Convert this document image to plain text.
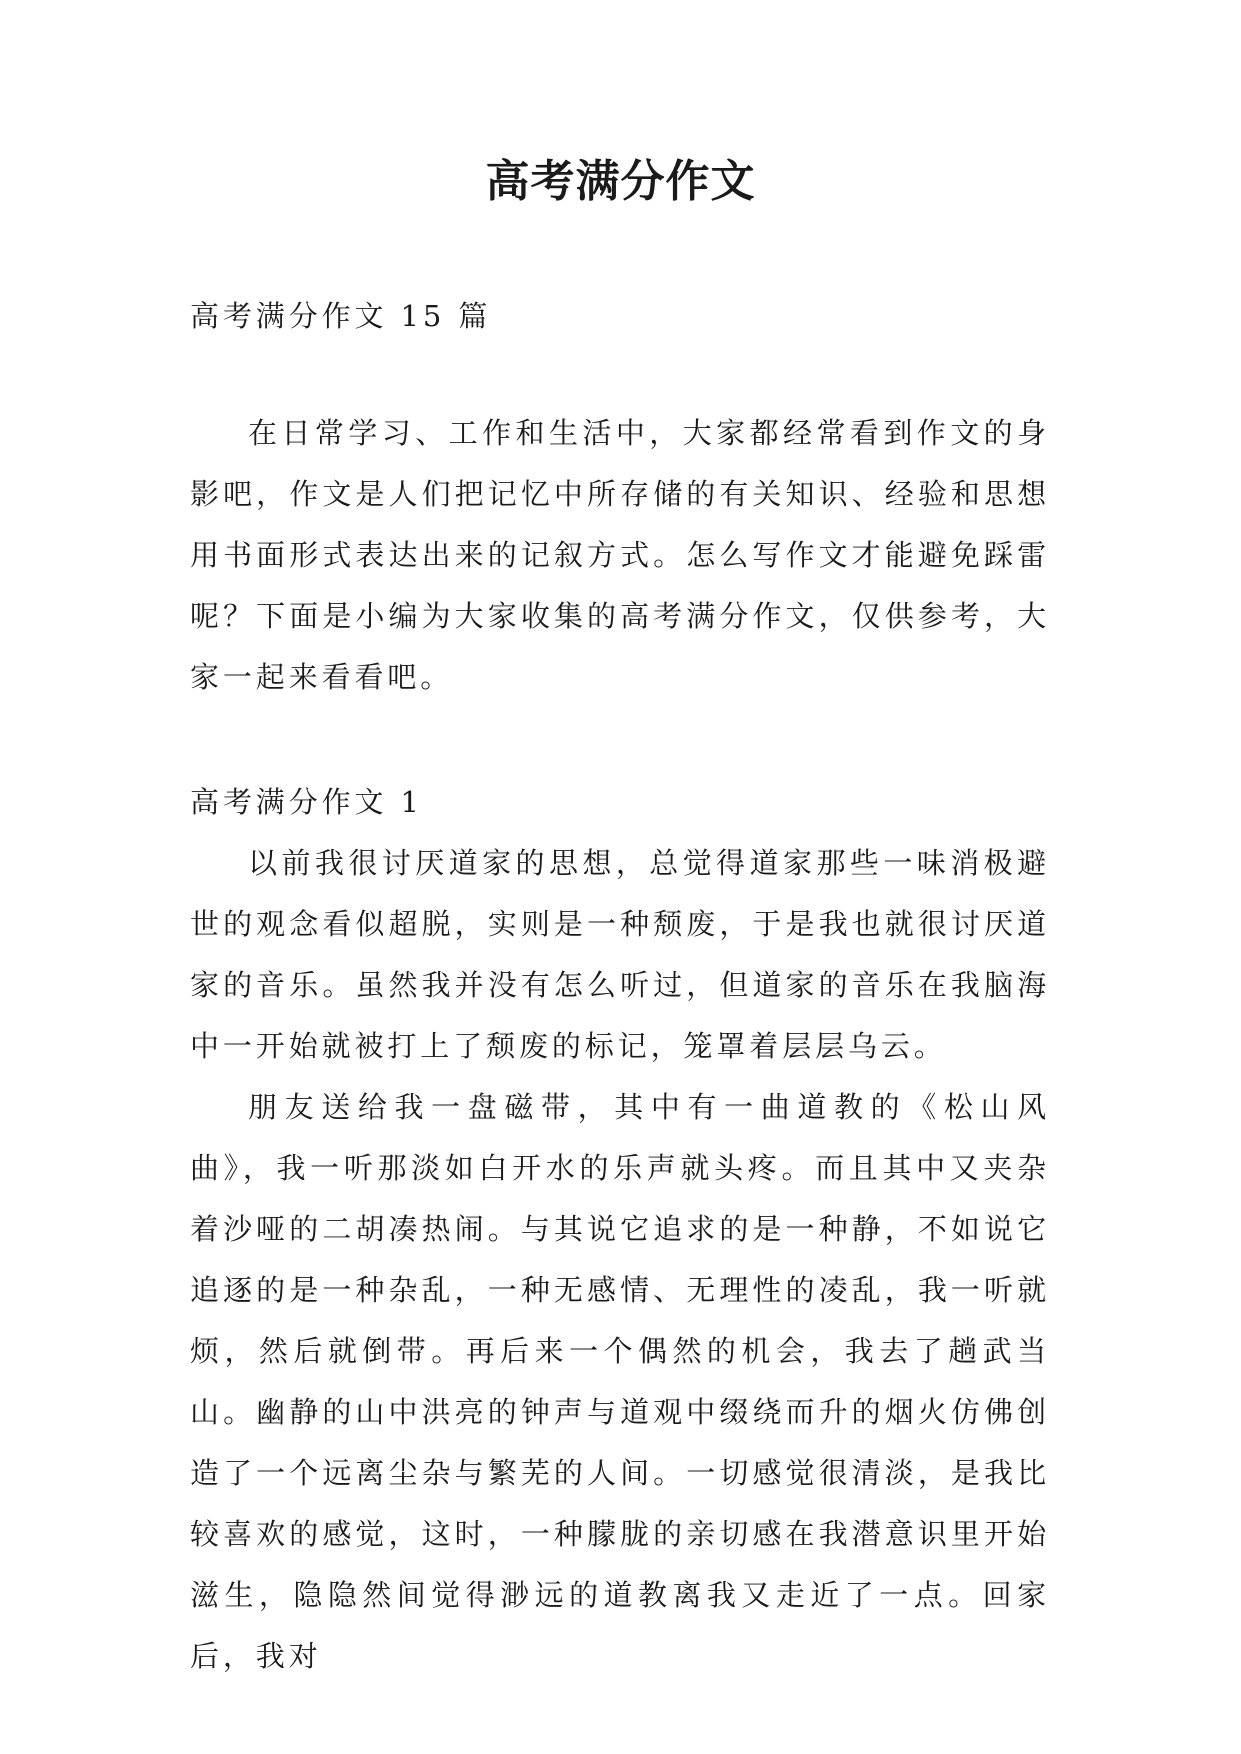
高考满分作文

高考满分作文 15 篇

在日常学习、工作和生活中，大家都经常看到作文的身影吧，作文是人们把记忆中所存储的有关知识、经验和思想用书面形式表达出来的记叙方式。怎么写作文才能避免踩雷呢？下面是小编为大家收集的高考满分作文，仅供参考，大家一起来看看吧。

高考满分作文 1

以前我很讨厌道家的思想，总觉得道家那些一味消极避世的观念看似超脱，实则是一种颓废，于是我也就很讨厌道家的音乐。虽然我并没有怎么听过，但道家的音乐在我脑海中一开始就被打上了颓废的标记，笼罩着层层乌云。

朋友送给我一盘磁带，其中有一曲道教的《松山风曲》，我一听那淡如白开水的乐声就头疼。而且其中又夹杂着沙哑的二胡凑热闹。与其说它追求的是一种静，不如说它追逐的是一种杂乱，一种无感情、无理性的凌乱，我一听就烦，然后就倒带。再后来一个偶然的机会，我去了趟武当山。幽静的山中洪亮的钟声与道观中缀绕而升的烟火仿佛创造了一个远离尘杂与繁芜的人间。一切感觉很清淡，是我比较喜欢的感觉，这时，一种朦胧的亲切感在我潜意识里开始滋生，隐隐然间觉得渺远的道教离我又走近了一点。回家后，我对
